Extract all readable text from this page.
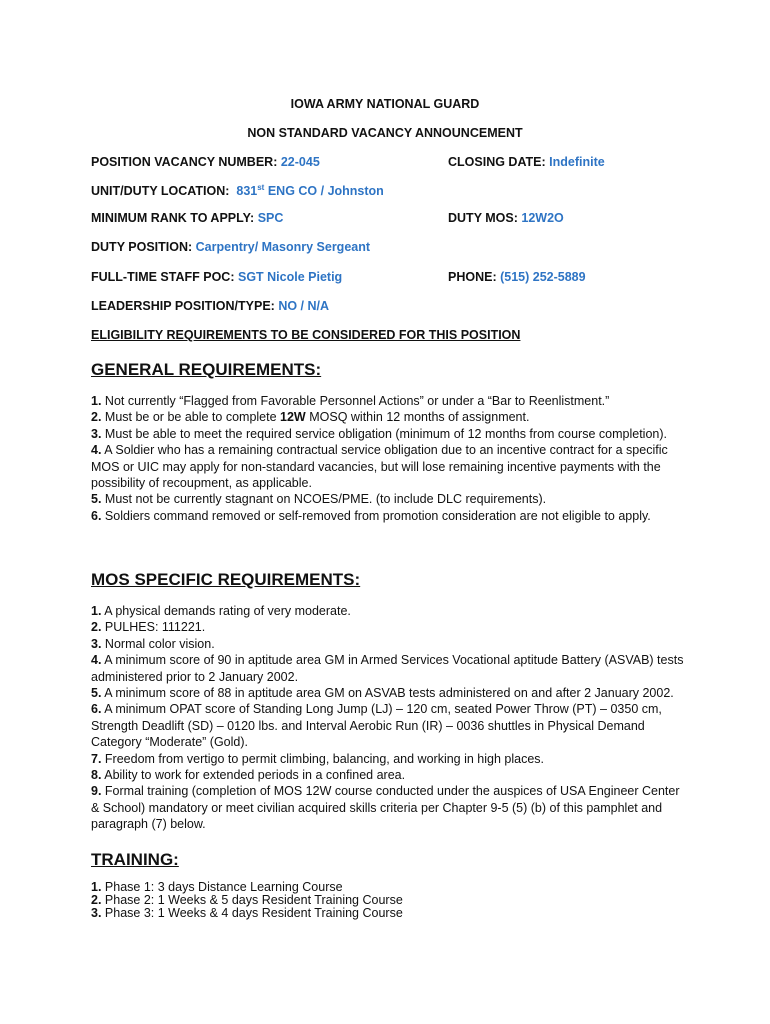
IOWA ARMY NATIONAL GUARD
NON STANDARD VACANCY ANNOUNCEMENT
POSITION VACANCY NUMBER: 22-045	CLOSING DATE: Indefinite
UNIT/DUTY LOCATION: 831st ENG CO / Johnston
MINIMUM RANK TO APPLY: SPC	DUTY MOS: 12W2O
DUTY POSITION: Carpentry/ Masonry Sergeant
FULL-TIME STAFF POC: SGT Nicole Pietig	PHONE: (515) 252-5889
LEADERSHIP POSITION/TYPE: NO / N/A
ELIGIBILITY REQUIREMENTS TO BE CONSIDERED FOR THIS POSITION
GENERAL REQUIREMENTS:
1. Not currently “Flagged from Favorable Personnel Actions” or under a “Bar to Reenlistment.”
2. Must be or be able to complete 12W MOSQ within 12 months of assignment.
3. Must be able to meet the required service obligation (minimum of 12 months from course completion).
4. A Soldier who has a remaining contractual service obligation due to an incentive contract for a specific MOS or UIC may apply for non-standard vacancies, but will lose remaining incentive payments with the possibility of recoupment, as applicable.
5. Must not be currently stagnant on NCOES/PME. (to include DLC requirements).
6. Soldiers command removed or self-removed from promotion consideration are not eligible to apply.
MOS SPECIFIC REQUIREMENTS:
1. A physical demands rating of very moderate.
2. PULHES: 111221.
3. Normal color vision.
4. A minimum score of 90 in aptitude area GM in Armed Services Vocational aptitude Battery (ASVAB) tests administered prior to 2 January 2002.
5. A minimum score of 88 in aptitude area GM on ASVAB tests administered on and after 2 January 2002.
6. A minimum OPAT score of Standing Long Jump (LJ) – 120 cm, seated Power Throw (PT) – 0350 cm, Strength Deadlift (SD) – 0120 lbs. and Interval Aerobic Run (IR) – 0036 shuttles in Physical Demand Category “Moderate” (Gold).
7. Freedom from vertigo to permit climbing, balancing, and working in high places.
8. Ability to work for extended periods in a confined area.
9. Formal training (completion of MOS 12W course conducted under the auspices of USA Engineer Center & School) mandatory or meet civilian acquired skills criteria per Chapter 9-5 (5) (b) of this pamphlet and paragraph (7) below.
TRAINING:
1. Phase 1: 3 days Distance Learning Course
2. Phase 2: 1 Weeks & 5 days Resident Training Course
3. Phase 3: 1 Weeks & 4 days Resident Training Course
